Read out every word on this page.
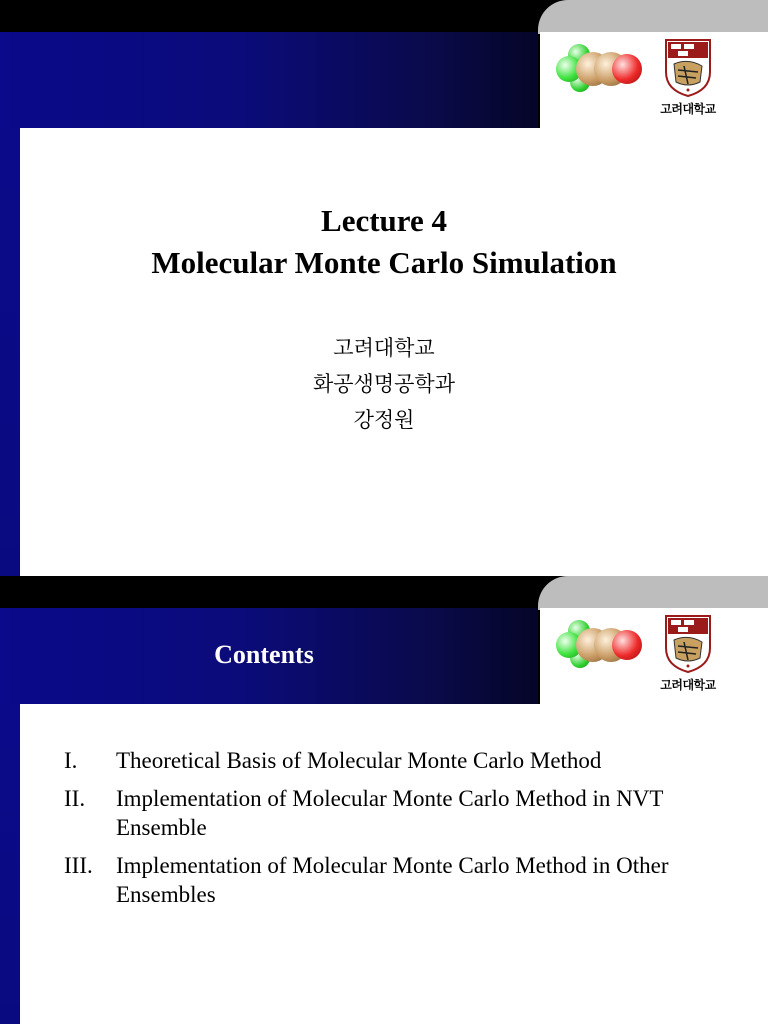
고려대학교
Lecture 4
Molecular Monte Carlo Simulation
고려대학교
화공생명공학과
강정원
Contents
고려대학교
I.	Theoretical Basis of Molecular Monte Carlo Method
II.	Implementation of Molecular Monte Carlo Method in NVT Ensemble
III.	Implementation of Molecular Monte Carlo Method in Other Ensembles
